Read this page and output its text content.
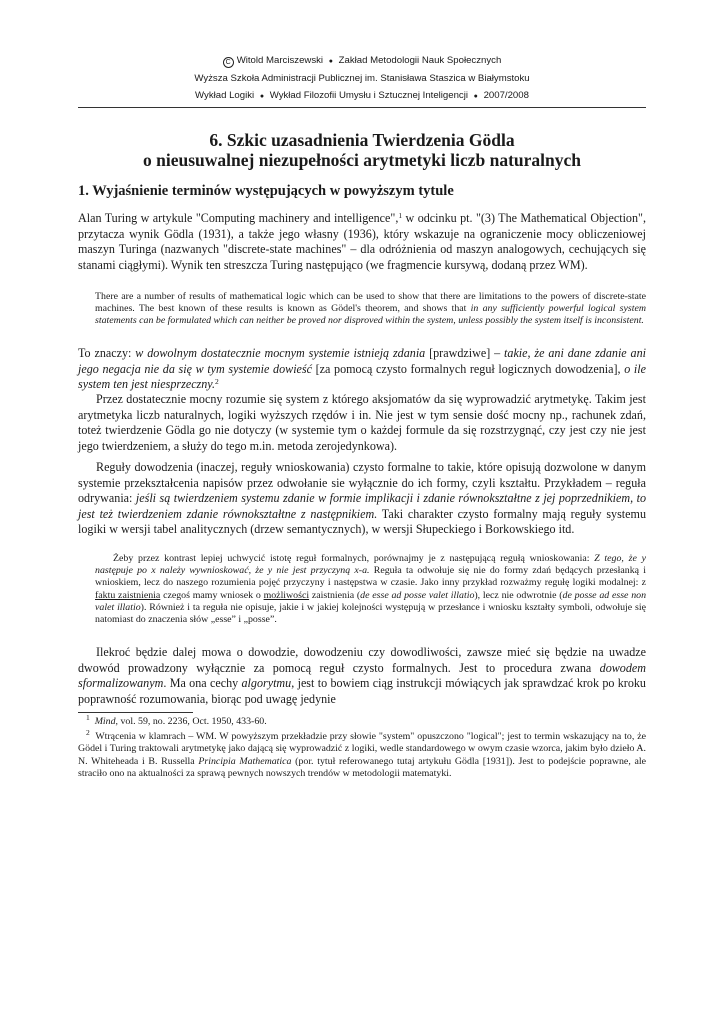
C Witold Marciszewski ● Zakład Metodologii Nauk Społecznych
Wyższa Szkoła Administracji Publicznej im. Stanisława Staszica w Białymstoku
Wykład Logiki ● Wykład Filozofii Umysłu i Sztucznej Inteligencji ● 2007/2008
6. Szkic uzasadnienia Twierdzenia Gödla
o nieusuwalnej niezupełności arytmetyki liczb naturalnych
1. Wyjaśnienie terminów występujących w powyższym tytule

Alan Turing w artykule "Computing machinery and intelligence",$^1$ w odcinku pt. "(3) The Mathematical Objection", przytacza wynik Gödla (1931), a także jego własny (1936), który wskazuje na ograniczenie mocy obliczeniowej maszyn Turinga (nazwanych "discrete-state machines" – dla odróżnienia od maszyn analogowych, cechujących się stanami ciągłymi). Wynik ten streszcza Turing następująco (we fragmencie kursywą, dodaną przez WM).

There are a number of results of mathematical logic which can be used to show that there are limitations to the powers of discrete-state machines. The best known of these results is known as Gödel's theorem, and shows that in any sufficiently powerful logical system statements can be formulated which can neither be proved nor disproved within the system, unless possibly the system itself is inconsistent.

To znaczy: w dowolnym dostatecznie mocnym systemie istnieją zdania [prawdziwe] – takie, że ani dane zdanie ani jego negacja nie da się w tym systemie dowieść [za pomocą czysto formalnych reguł logicznych dowodzenia], o ile system ten jest niesprzeczny.$^2$

Przez dostatecznie mocny rozumie się system z którego aksjomatów da się wyprowadzić arytmetykę. Takim jest arytmetyka liczb naturalnych, logiki wyższych rzędów i in. Nie jest w tym sensie dość mocny np., rachunek zdań, toteż twierdzenie Gödla go nie dotyczy (w systemie tym o każdej formule da się rozstrzygnąć, czy jest czy nie jest jego twierdzeniem, a służy do tego m.in. metoda zerojedynkowa).

Reguły dowodzenia (inaczej, reguły wnioskowania) czysto formalne to takie, które opisują dozwolone w danym systemie przekształcenia napisów przez odwołanie sie wyłącznie do ich formy, czyli kształtu. Przykładem – reguła odrywania: jeśli są twierdzeniem systemu zdanie w formie implikacji i zdanie równokształtne z jej poprzednikiem, to jest też twierdzeniem zdanie równokształtne z następnikiem. Taki charakter czysto formalny mają reguły systemu logiki w wersji tabel analitycznych (drzew semantycznych), w wersji Słupeckiego i Borkowskiego itd.

Żeby przez kontrast lepiej uchwycić istotę reguł formalnych, porównajmy je z następującą regułą wnioskowania: Z tego, że y następuje po x należy wywnioskować, że y nie jest przyczyną x-a. Reguła ta odwołuje się nie do formy zdań będących przesłanką i wnioskiem, lecz do naszego rozumienia pojęć przyczyny i następstwa w czasie. Jako inny przykład rozważmy regułę logiki modalnej: z faktu zaistnienia czegoś mamy wniosek o możliwości zaistnienia (de esse ad posse valet illatio), lecz nie odwrotnie (de posse ad esse non valet illatio). Również i ta reguła nie opisuje, jakie i w jakiej kolejności występują w przesłance i wniosku kształty symboli, odwołuje się natomiast do znaczenia słów „esse” i „posse”.

Ilekroć będzie dalej mowa o dowodzie, dowodzeniu czy dowodliwości, zawsze mieć się będzie na uwadze dwowód prowadzony wyłącznie za pomocą reguł czysto formalnych. Jest to procedura zwana dowodem sformalizowanym. Ma ona cechy algorytmu, jest to bowiem ciąg instrukcji mówiących jak sprawdzać krok po kroku poprawność rozumowania, biorąc pod uwagę jedynie

$^1$ Mind, vol. 59, no. 2236, Oct. 1950, 433-60.

$^2$ Wtrącenia w klamrach – WM. W powyższym przekładzie przy słowie "system" opuszczono "logical"; jest to termin wskazujący na to, że Gödel i Turing traktowali arytmetykę jako dającą się wyprowadzić z logiki, wedle standardowego w owym czasie wzorca, jakim było dzieło A. N. Whiteheada i B. Russella Principia Mathematica (por. tytuł referowanego tutaj artykułu Gödla [1931]). Jest to podejście poprawne, ale straciło ono na aktualności za sprawą pewnych nowszych trendów w metodologii matematyki.
